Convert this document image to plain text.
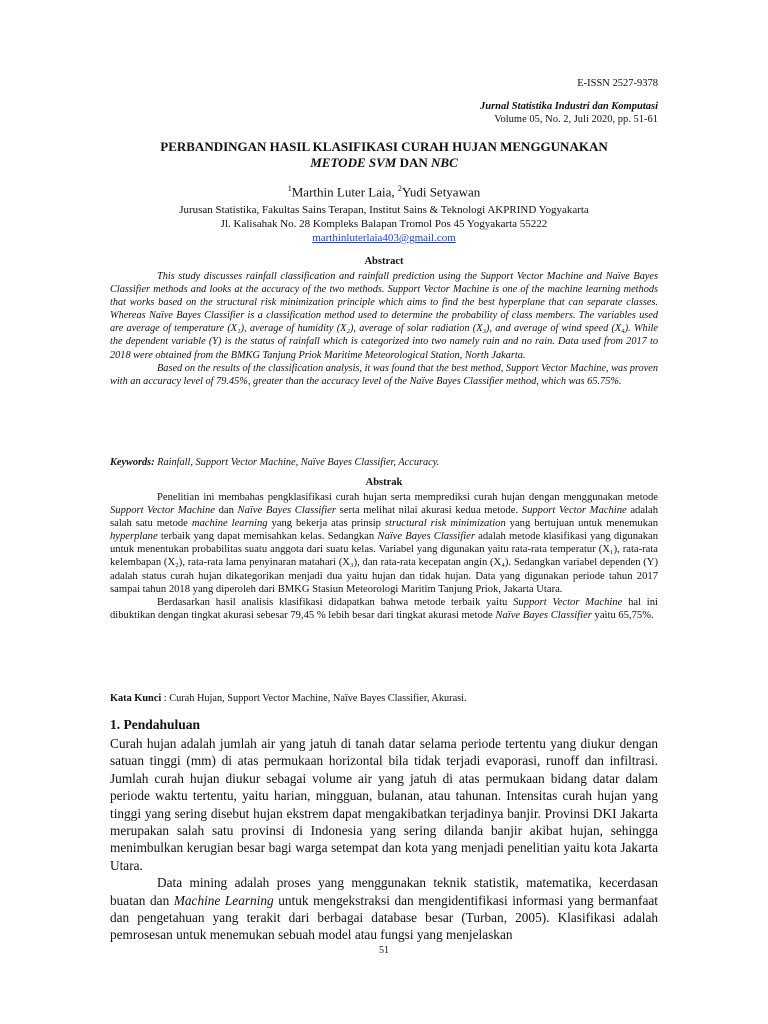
E-ISSN 2527-9378
Jurnal Statistika Industri dan Komputasi
Volume 05, No. 2, Juli 2020, pp. 51-61
PERBANDINGAN HASIL KLASIFIKASI CURAH HUJAN MENGGUNAKAN
METODE SVM DAN NBC
$^1$Marthin Luter Laia, $^2$Yudi Setyawan
Jurusan Statistika, Fakultas Sains Terapan, Institut Sains & Teknologi AKPRIND Yogyakarta
Jl. Kalisahak No. 28 Kompleks Balapan Tromol Pos 45 Yogyakarta 55222
marthinluterlaia403@gmail.com
Abstract

This study discusses rainfall classification and rainfall prediction using the Support Vector Machine and Naïve Bayes Classifier methods and looks at the accuracy of the two methods. Support Vector Machine is one of the machine learning methods that works based on the structural risk minimization principle which aims to find the best hyperplane that can separate classes. Whereas Naïve Bayes Classifier is a classification method used to determine the probability of class members. The variables used are average of temperature (X₁), average of humidity (X₂), average of solar radiation (X₃), and average of wind speed (X₄). While the dependent variable (Y) is the status of rainfall which is categorized into two namely rain and no rain. Data used from 2017 to 2018 were obtained from the BMKG Tanjung Priok Maritime Meteorological Station, North Jakarta.

Based on the results of the classification analysis, it was found that the best method, Support Vector Machine, was proven with an accuracy level of 79.45%, greater than the accuracy level of the Naïve Bayes Classifier method, which was 65.75%.

Keywords: Rainfall, Support Vector Machine, Naïve Bayes Classifier, Accuracy.
Abstrak

Penelitian ini membahas pengklasifikasi curah hujan serta memprediksi curah hujan dengan menggunakan metode Support Vector Machine dan Naïve Bayes Classifier serta melihat nilai akurasi kedua metode. Support Vector Machine adalah salah satu metode machine learning yang bekerja atas prinsip structural risk minimization yang bertujuan untuk menemukan hyperplane terbaik yang dapat memisahkan kelas. Sedangkan Naïve Bayes Classifier adalah metode klasifikasi yang digunakan untuk menentukan probabilitas suatu anggota dari suatu kelas. Variabel yang digunakan yaitu rata-rata temperatur (X₁), rata-rata kelembapan (X₂), rata-rata lama penyinaran matahari (X₃), dan rata-rata kecepatan angin (X₄). Sedangkan variabel dependen (Y) adalah status curah hujan dikategorikan menjadi dua yaitu hujan dan tidak hujan. Data yang digunakan periode tahun 2017 sampai tahun 2018 yang diperoleh dari BMKG Stasiun Meteorologi Maritim Tanjung Priok, Jakarta Utara.

Berdasarkan hasil analisis klasifikasi didapatkan bahwa metode terbaik yaitu Support Vector Machine hal ini dibuktikan dengan tingkat akurasi sebesar 79,45 % lebih besar dari tingkat akurasi metode Naïve Bayes Classifier yaitu 65,75%.

Kata Kunci : Curah Hujan, Support Vector Machine, Naïve Bayes Classifier, Akurasi.
1. Pendahuluan

Curah hujan adalah jumlah air yang jatuh di tanah datar selama periode tertentu yang diukur dengan satuan tinggi (mm) di atas permukaan horizontal bila tidak terjadi evaporasi, runoff dan infiltrasi. Jumlah curah hujan diukur sebagai volume air yang jatuh di atas permukaan bidang datar dalam periode waktu tertentu, yaitu harian, mingguan, bulanan, atau tahunan. Intensitas curah hujan yang tinggi yang sering disebut hujan ekstrem dapat mengakibatkan terjadinya banjir. Provinsi DKI Jakarta merupakan salah satu provinsi di Indonesia yang sering dilanda banjir akibat hujan, sehingga menimbulkan kerugian besar bagi warga setempat dan kota yang menjadi penelitian yaitu kota Jakarta Utara.

Data mining adalah proses yang menggunakan teknik statistik, matematika, kecerdasan buatan dan Machine Learning untuk mengekstraksi dan mengidentifikasi informasi yang bermanfaat dan pengetahuan yang terakit dari berbagai database besar (Turban, 2005). Klasifikasi adalah pemrosesan untuk menemukan sebuah model atau fungsi yang menjelaskan

51
